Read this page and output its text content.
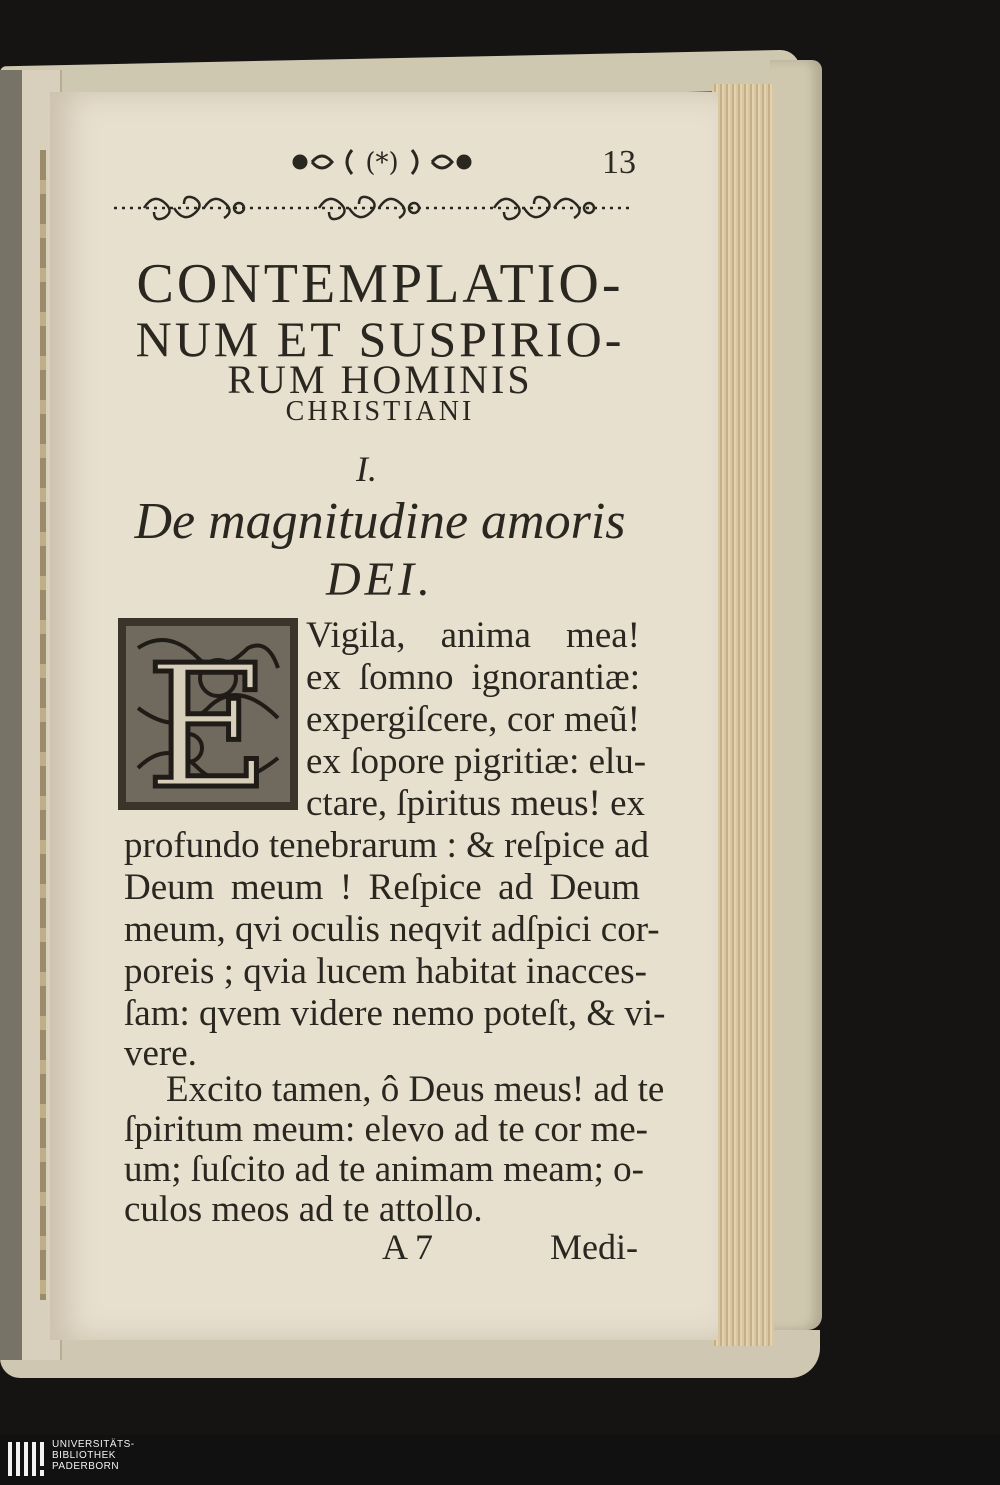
13
(*)
CONTEMPLATIO-
NUM ET SUSPIRIO-
RUM HOMINIS
CHRISTIANI
I.
De magnitudine amoris
DEI.
E Vigila, anima mea!
ex ſomno ignorantiæ:
expergiſcere, cor meũ!
ex ſopore pigritiæ: elu-
ctare, ſpiritus meus! ex
profundo tenebrarum : & reſpice ad
Deum meum ! Reſpice ad Deum
meum, qvi oculis neqvit adſpici cor-
poreis ; qvia lucem habitat inacces-
ſam: qvem videre nemo poteſt, & vi-
vere.
Excito tamen, ô Deus meus! ad te
ſpiritum meum: elevo ad te cor me-
um; ſuſcito ad te animam meam; o-
culos meos ad te attollo.
A 7	Medi-
UNIVERSITÄTS-
BIBLIOTHEK
PADERBORN
